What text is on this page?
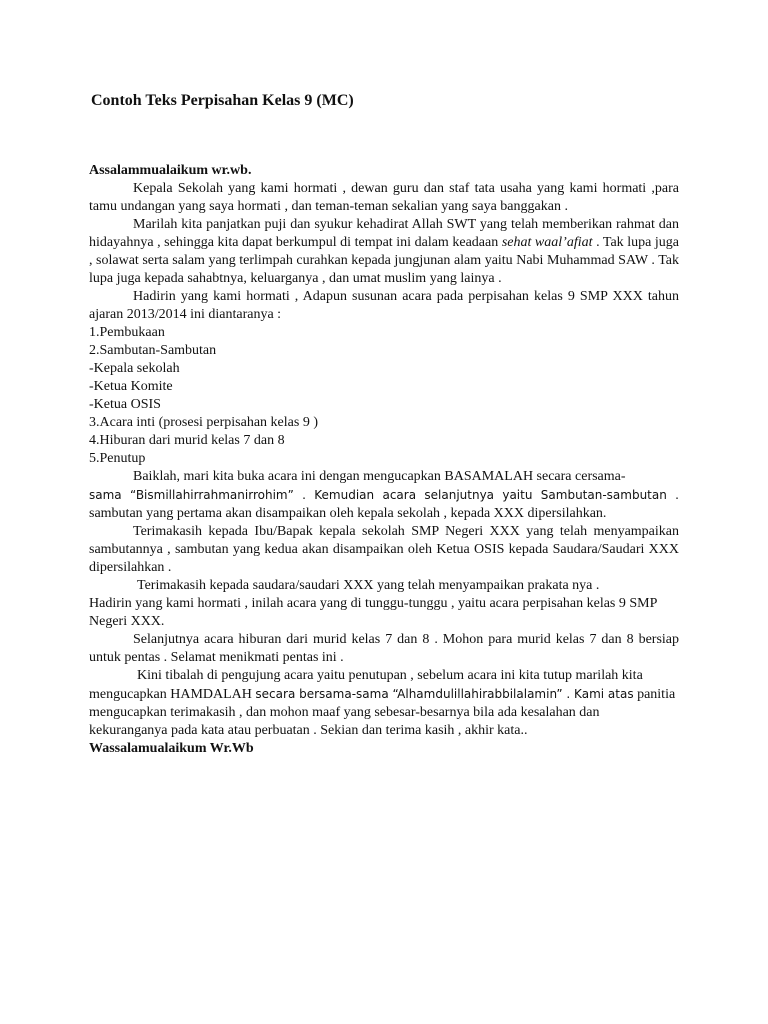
Contoh Teks Perpisahan Kelas 9 (MC)

Assalammualaikum wr.wb.

Kepala Sekolah yang kami hormati , dewan guru dan staf tata usaha yang kami hormati ,para tamu undangan yang saya hormati , dan teman-teman sekalian yang saya banggakan .

Marilah kita panjatkan puji dan syukur kehadirat Allah SWT yang telah memberikan rahmat dan hidayahnya , sehingga kita dapat berkumpul di tempat ini dalam keadaan sehat waal’afiat . Tak lupa juga , solawat serta salam yang terlimpah curahkan kepada jungjunan alam yaitu Nabi Muhammad SAW . Tak lupa juga kepada sahabtnya, keluarganya , dan umat muslim yang lainya .

Hadirin yang kami hormati , Adapun susunan acara pada perpisahan kelas 9 SMP XXX tahun ajaran 2013/2014 ini diantaranya :

1.Pembukaan

2.Sambutan-Sambutan

-Kepala sekolah

-Ketua Komite

-Ketua OSIS

3.Acara inti (prosesi perpisahan kelas 9 )

4.Hiburan dari murid kelas 7 dan 8

5.Penutup

Baiklah, mari kita buka acara ini dengan mengucapkan BASAMALAH secara cersama-
sama “Bismillahirrahmanirrohim” . Kemudian acara selanjutnya yaitu Sambutan-sambutan . sambutan yang pertama akan disampaikan oleh kepala sekolah , kepada XXX dipersilahkan.

Terimakasih kepada Ibu/Bapak kepala sekolah SMP Negeri XXX yang telah menyampaikan sambutannya , sambutan yang kedua akan disampaikan oleh Ketua OSIS kepada Saudara/Saudari XXX dipersilahkan .

Terimakasih kepada saudara/saudari XXX yang telah menyampaikan prakata nya .

Hadirin yang kami hormati , inilah acara yang di tunggu-tunggu , yaitu acara perpisahan kelas 9 SMP Negeri XXX.

Selanjutnya acara hiburan dari murid kelas 7 dan 8 . Mohon para murid kelas 7 dan 8 bersiap untuk pentas . Selamat menikmati pentas ini .

Kini tibalah di pengujung acara yaitu penutupan , sebelum acara ini kita tutup marilah kita mengucapkan HAMDALAH secara bersama-sama “Alhamdulillahirabbilalamin” . Kami atas panitia mengucapkan terimakasih , dan mohon maaf yang sebesar-besarnya bila ada kesalahan dan kekuranganya pada kata atau perbuatan . Sekian dan terima kasih , akhir kata..

Wassalamualaikum Wr.Wb
